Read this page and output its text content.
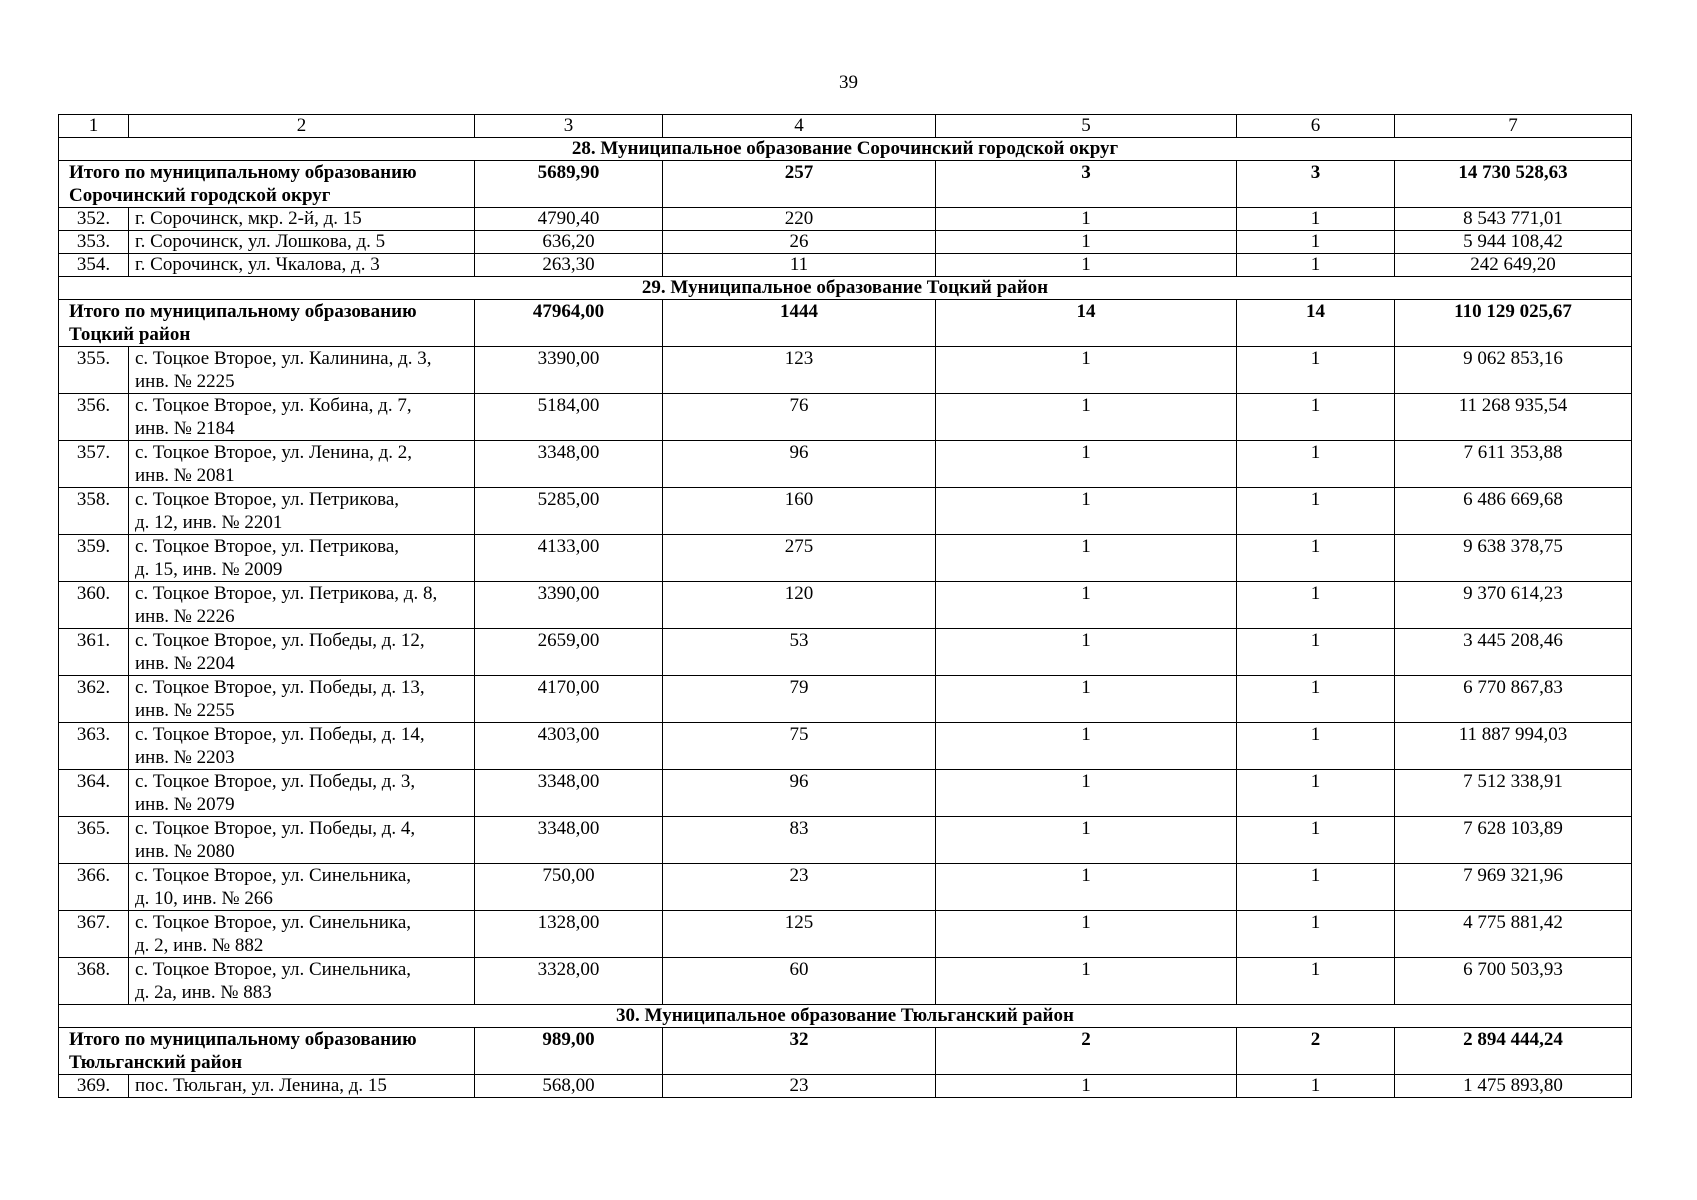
39
1	2	3	4	5	6	7
28. Муниципальное образование Сорочинский городской округ						

Итого по муниципальному образованию
Сорочинский городской округ		5689,90	257	3	3	14 730 528,63
352.	г. Сорочинск, мкр. 2-й, д. 15	4790,40	220	1	1	8 543 771,01
353.	г. Сорочинск, ул. Лошкова, д. 5	636,20	26	1	1	5 944 108,42
354.	г. Сорочинск, ул. Чкалова, д. 3	263,30	11	1	1	242 649,20
29. Муниципальное образование Тоцкий район						

Итого по муниципальному образованию
Тоцкий район		47964,00	1444	14	14	110 129 025,67
355.	с. Тоцкое Второе, ул. Калинина, д. 3,
инв. № 2225	3390,00	123	1	1	9 062 853,16
356.	с. Тоцкое Второе, ул. Кобина, д. 7,
инв. № 2184	5184,00	76	1	1	11 268 935,54
357.	с. Тоцкое Второе, ул. Ленина, д. 2,
инв. № 2081	3348,00	96	1	1	7 611 353,88
358.	с. Тоцкое Второе, ул. Петрикова,
д. 12, инв. № 2201	5285,00	160	1	1	6 486 669,68
359.	с. Тоцкое Второе, ул. Петрикова,
д. 15, инв. № 2009	4133,00	275	1	1	9 638 378,75
360.	с. Тоцкое Второе, ул. Петрикова, д. 8,
инв. № 2226	3390,00	120	1	1	9 370 614,23
361.	с. Тоцкое Второе, ул. Победы, д. 12,
инв. № 2204	2659,00	53	1	1	3 445 208,46
362.	с. Тоцкое Второе, ул. Победы, д. 13,
инв. № 2255	4170,00	79	1	1	6 770 867,83
363.	с. Тоцкое Второе, ул. Победы, д. 14,
инв. № 2203	4303,00	75	1	1	11 887 994,03
364.	с. Тоцкое Второе, ул. Победы, д. 3,
инв. № 2079	3348,00	96	1	1	7 512 338,91
365.	с. Тоцкое Второе, ул. Победы, д. 4,
инв. № 2080	3348,00	83	1	1	7 628 103,89
366.	с. Тоцкое Второе, ул. Синельника,
д. 10, инв. № 266	750,00	23	1	1	7 969 321,96
367.	с. Тоцкое Второе, ул. Синельника,
д. 2, инв. № 882	1328,00	125	1	1	4 775 881,42
368.	с. Тоцкое Второе, ул. Синельника,
д. 2а, инв. № 883	3328,00	60	1	1	6 700 503,93
30. Муниципальное образование Тюльганский район						

Итого по муниципальному образованию
Тюльганский район		989,00	32	2	2	2 894 444,24
369.	пос. Тюльган, ул. Ленина, д. 15	568,00	23	1	1	1 475 893,80
